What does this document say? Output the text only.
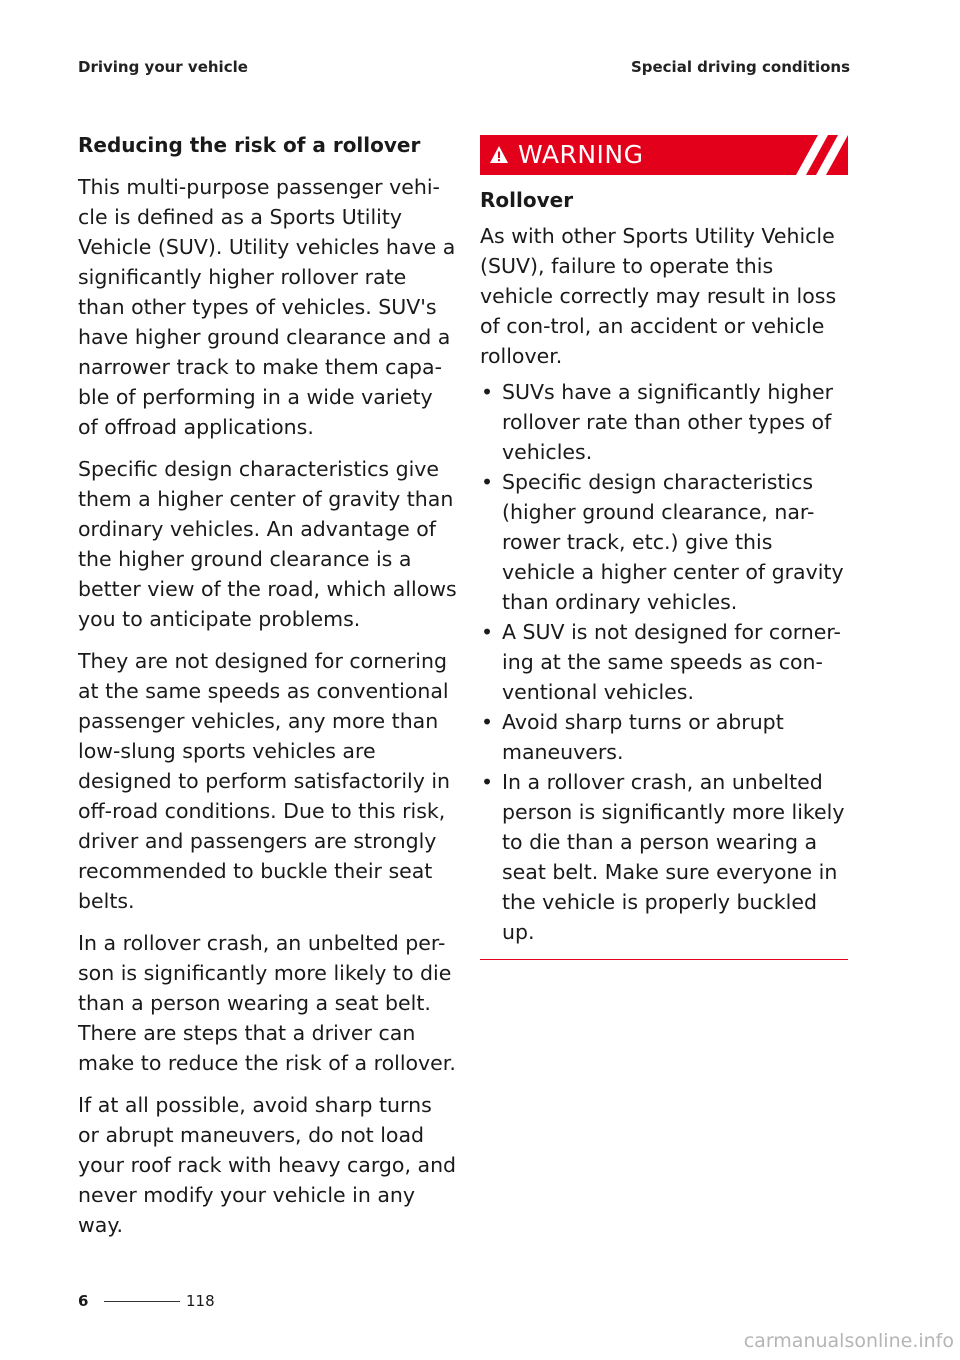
Driving your vehicle	Special driving conditions
Reducing the risk of a rollover

This multi-purpose passenger vehi-cle is defined as a Sports Utility Vehicle (SUV). Utility vehicles have a significantly higher rollover rate than other types of vehicles. SUV's have higher ground clearance and a narrower track to make them capa-ble of performing in a wide variety of offroad applications.

Specific design characteristics give them a higher center of gravity than ordinary vehicles. An advantage of the higher ground clearance is a better view of the road, which allows you to anticipate problems.

They are not designed for cornering at the same speeds as conventional passenger vehicles, any more than low-slung sports vehicles are designed to perform satisfactorily in off-road conditions. Due to this risk, driver and passengers are strongly recommended to buckle their seat belts.

In a rollover crash, an unbelted per-son is significantly more likely to die than a person wearing a seat belt. There are steps that a driver can make to reduce the risk of a rollover.

If at all possible, avoid sharp turns or abrupt maneuvers, do not load your roof rack with heavy cargo, and never modify your vehicle in any way.

WARNING
Rollover

As with other Sports Utility Vehicle (SUV), failure to operate this vehicle correctly may result in loss of con-trol, an accident or vehicle rollover.

• SUVs have a significantly higher rollover rate than other types of vehicles.
• Specific design characteristics (higher ground clearance, nar-rower track, etc.) give this vehicle a higher center of gravity than ordinary vehicles.
• A SUV is not designed for corner-ing at the same speeds as con-ventional vehicles.
• Avoid sharp turns or abrupt maneuvers.
• In a rollover crash, an unbelted person is significantly more likely to die than a person wearing a seat belt. Make sure everyone in the vehicle is properly buckled up.
6	118
carmanualsonline.info
